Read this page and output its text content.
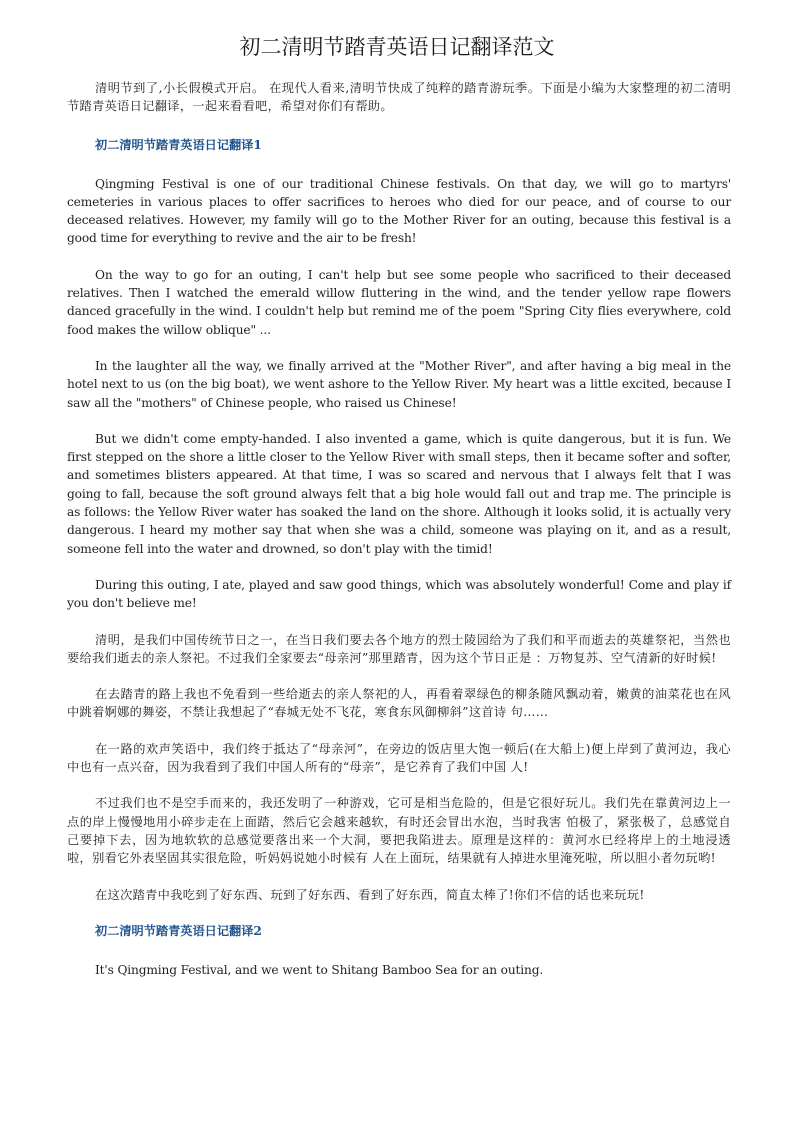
初二清明节踏青英语日记翻译范文

清明节到了,小长假模式开启。 在现代人看来,清明节快成了纯粹的踏青游玩季。下面是小编为大家整理的初二清明节踏青英语日记翻译，一起来看看吧，希望对你们有帮助。

初二清明节踏青英语日记翻译1

Qingming Festival is one of our traditional Chinese festivals. On that day, we will go to martyrs' cemeteries in various places to offer sacrifices to heroes who died for our peace, and of course to our deceased relatives. However, my family will go to the Mother River for an outing, because this festival is a good time for everything to revive and the air to be fresh!

On the way to go for an outing, I can't help but see some people who sacrificed to their deceased relatives. Then I watched the emerald willow fluttering in the wind, and the tender yellow rape flowers danced gracefully in the wind. I couldn't help but remind me of the poem "Spring City flies everywhere, cold food makes the willow oblique" ...

In the laughter all the way, we finally arrived at the "Mother River", and after having a big meal in the hotel next to us (on the big boat), we went ashore to the Yellow River. My heart was a little excited, because I saw all the "mothers" of Chinese people, who raised us Chinese!

But we didn't come empty-handed. I also invented a game, which is quite dangerous, but it is fun. We first stepped on the shore a little closer to the Yellow River with small steps, then it became softer and softer, and sometimes blisters appeared. At that time, I was so scared and nervous that I always felt that I was going to fall, because the soft ground always felt that a big hole would fall out and trap me. The principle is as follows: the Yellow River water has soaked the land on the shore. Although it looks solid, it is actually very dangerous. I heard my mother say that when she was a child, someone was playing on it, and as a result, someone fell into the water and drowned, so don't play with the timid!

During this outing, I ate, played and saw good things, which was absolutely wonderful! Come and play if you don't believe me!

清明，是我们中国传统节日之一，在当日我们要去各个地方的烈士陵园给为了我们和平而逝去的英雄祭祀，当然也要给我们逝去的亲人祭祀。不过我们全家要去“母亲河”那里踏青，因为这个节日正是 ：万物复苏、空气清新的好时候!

在去踏青的路上我也不免看到一些给逝去的亲人祭祀的人，再看着翠绿色的柳条随风飘动着，嫩黄的油菜花也在风中跳着婀娜的舞姿，不禁让我想起了“春城无处不飞花，寒食东风御柳斜”这首诗 句……

在一路的欢声笑语中，我们终于抵达了“母亲河”，在旁边的饭店里大饱一顿后(在大船上)便上岸到了黄河边，我心中也有一点兴奋，因为我看到了我们中国人所有的“母亲”，是它养育了我们中国 人!

不过我们也不是空手而来的，我还发明了一种游戏，它可是相当危险的，但是它很好玩儿。我们先在靠黄河边上一点的岸上慢慢地用小碎步走在上面踏，然后它会越来越软，有时还会冒出水泡，当时我害 怕极了，紧张极了，总感觉自己要掉下去，因为地软软的总感觉要落出来一个大洞，要把我陷进去。原理是这样的：黄河水已经将岸上的土地浸透啦，别看它外表坚固其实很危险，听妈妈说她小时候有 人在上面玩，结果就有人掉进水里淹死啦，所以胆小者勿玩哟!

在这次踏青中我吃到了好东西、玩到了好东西、看到了好东西，简直太棒了!你们不信的话也来玩玩!

初二清明节踏青英语日记翻译2

It's Qingming Festival, and we went to Shitang Bamboo Sea for an outing.
